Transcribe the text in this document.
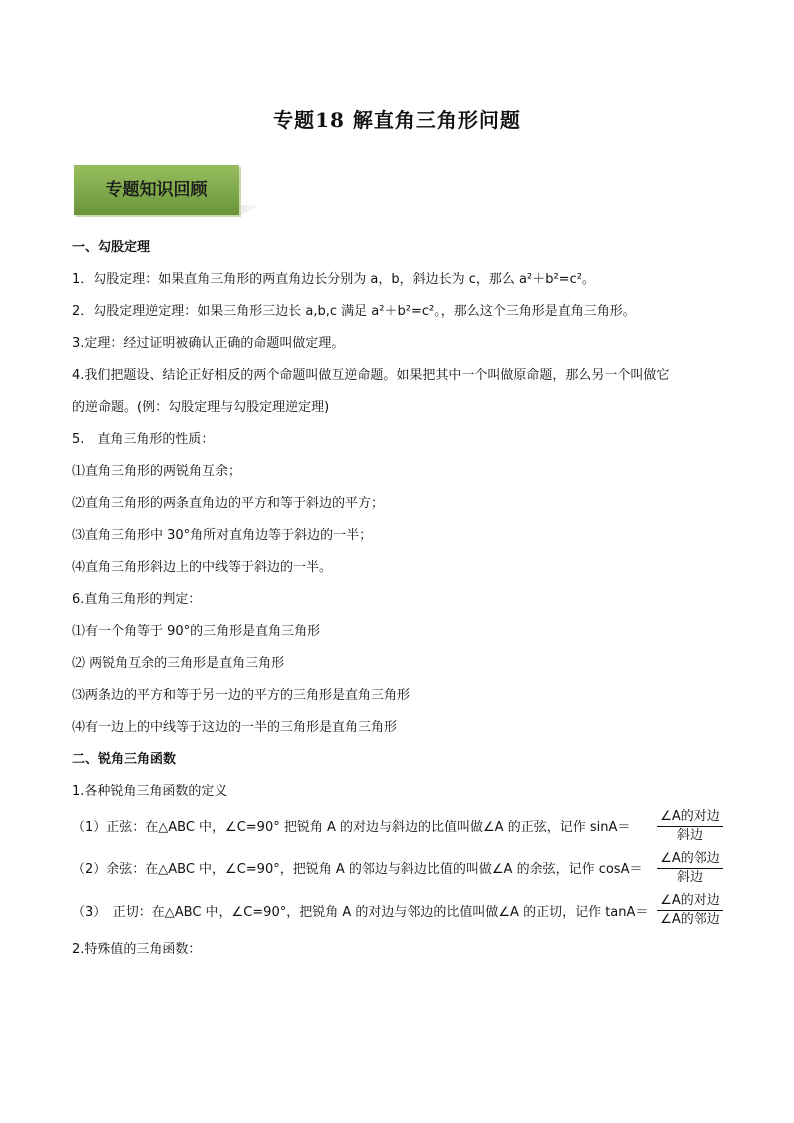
专题18 解直角三角形问题
专题知识回顾
一、勾股定理
1．勾股定理：如果直角三角形的两直角边长分别为 a，b，斜边长为 c，那么 a²＋b²=c²。
2．勾股定理逆定理：如果三角形三边长 a,b,c 满足 a²＋b²=c²。，那么这个三角形是直角三角形。
3.定理：经过证明被确认正确的命题叫做定理。
4.我们把题设、结论正好相反的两个命题叫做互逆命题。如果把其中一个叫做原命题，那么另一个叫做它
的逆命题。(例：勾股定理与勾股定理逆定理)
5.　直角三角形的性质：
⑴直角三角形的两锐角互余；
⑵直角三角形的两条直角边的平方和等于斜边的平方；
⑶直角三角形中 30°角所对直角边等于斜边的一半；
⑷直角三角形斜边上的中线等于斜边的一半。
6.直角三角形的判定：
⑴有一个角等于 90°的三角形是直角三角形
⑵ 两锐角互余的三角形是直角三角形
⑶两条边的平方和等于另一边的平方的三角形是直角三角形
⑷有一边上的中线等于这边的一半的三角形是直角三角形
二、锐角三角函数
1.各种锐角三角函数的定义
（1）正弦：在△ABC 中，∠C=90° 把锐角 A 的对边与斜边的比值叫做∠A 的正弦，记作 sinA＝
∠A的对边
斜边
（2）余弦：在△ABC 中，∠C=90°，把锐角 A 的邻边与斜边比值的叫做∠A 的余弦，记作 cosA＝
∠A的邻边
斜边
（3）　正切：在△ABC 中，∠C=90°，把锐角 A 的对边与邻边的比值叫做∠A 的正切，记作 tanA＝
∠A的对边
∠A的邻边
2.特殊值的三角函数：
